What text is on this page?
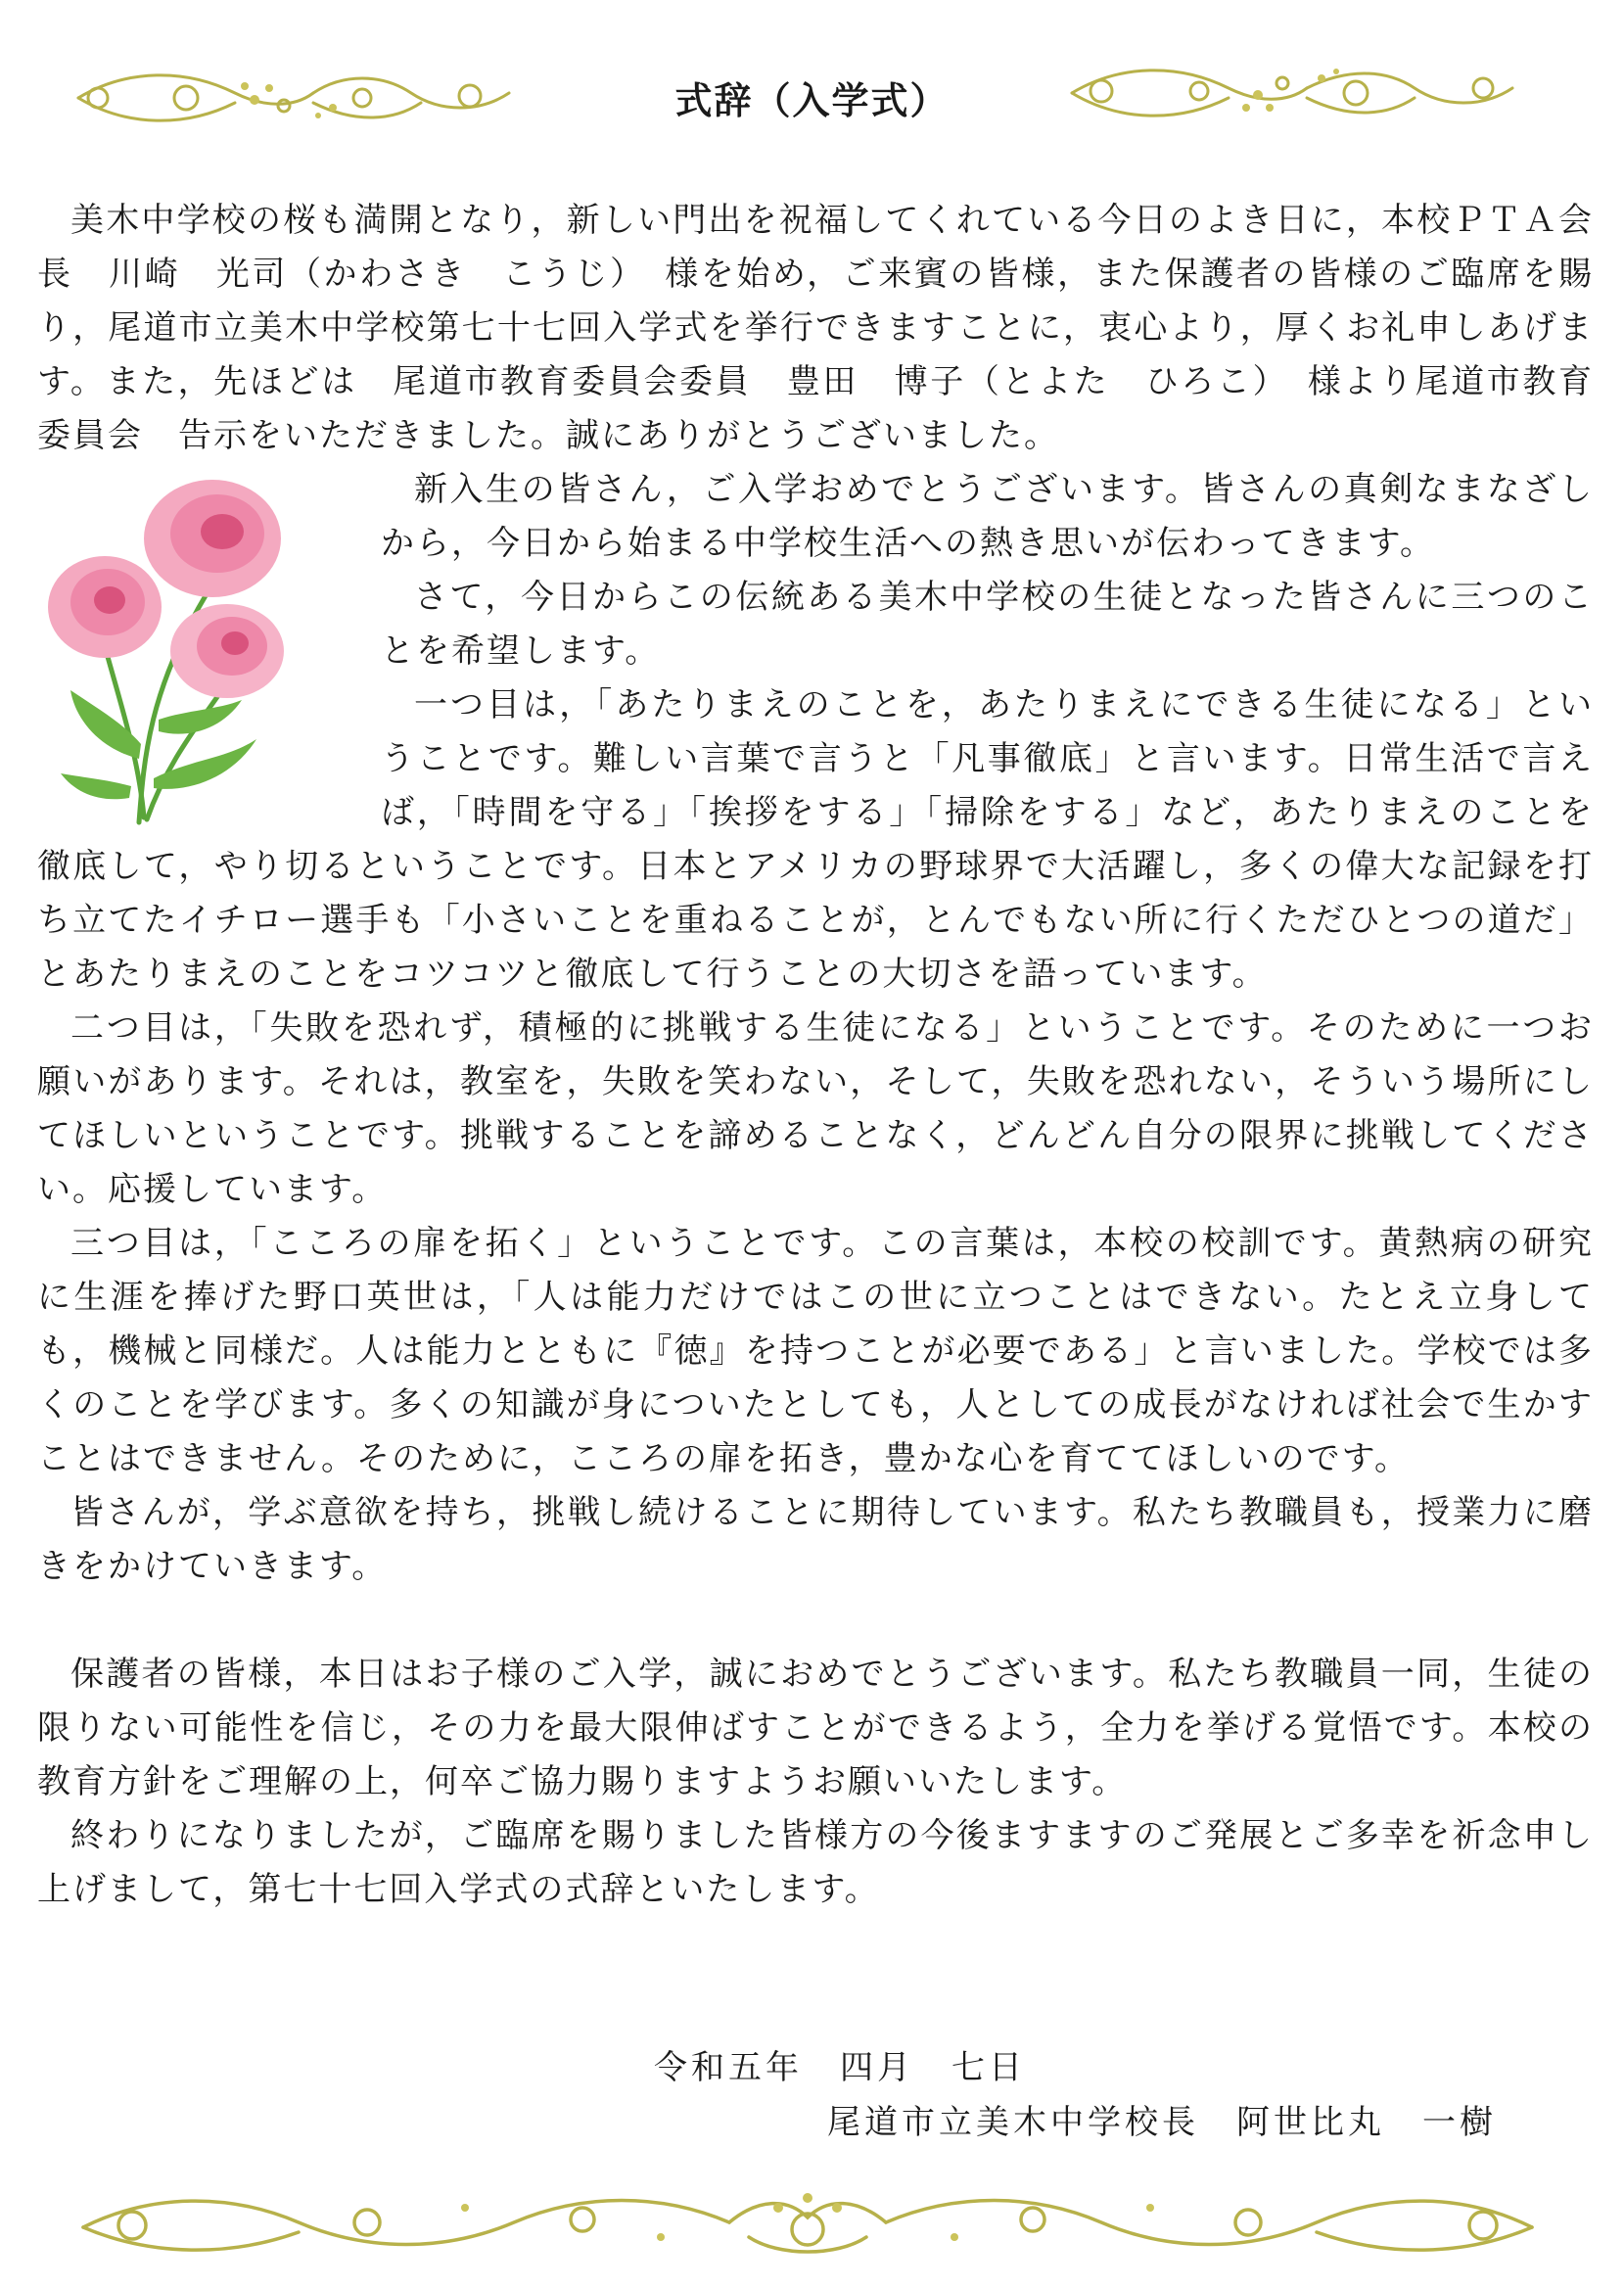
式辞（入学式）

美木中学校の桜も満開となり，新しい門出を祝福してくれている今日のよき日に，本校ＰＴＡ会長　川崎　光司（かわさき　こうじ）　様を始め，ご来賓の皆様，また保護者の皆様のご臨席を賜り，尾道市立美木中学校第七十七回入学式を挙行できますことに，衷心より，厚くお礼申しあげます。また，先ほどは　尾道市教育委員会委員　豊田　博子（とよた　ひろこ）　様より尾道市教育委員会　告示をいただきました。誠にありがとうございました。

新入生の皆さん，ご入学おめでとうございます。皆さんの真剣なまなざしから，今日から始まる中学校生活への熱き思いが伝わってきます。

さて，今日からこの伝統ある美木中学校の生徒となった皆さんに三つのことを希望します。

一つ目は，「あたりまえのことを，あたりまえにできる生徒になる」ということです。難しい言葉で言うと「凡事徹底」と言います。日常生活で言えば，「時間を守る」「挨拶をする」「掃除をする」など，あたりまえのことを徹底して，やり切るということです。日本とアメリカの野球界で大活躍し，多くの偉大な記録を打ち立てたイチロー選手も「小さいことを重ねることが，とんでもない所に行くただひとつの道だ」とあたりまえのことをコツコツと徹底して行うことの大切さを語っています。

二つ目は，「失敗を恐れず，積極的に挑戦する生徒になる」ということです。そのために一つお願いがあります。それは，教室を，失敗を笑わない，そして，失敗を恐れない，そういう場所にしてほしいということです。挑戦することを諦めることなく，どんどん自分の限界に挑戦してください。応援しています。

三つ目は，「こころの扉を拓く」ということです。この言葉は，本校の校訓です。黄熱病の研究に生涯を捧げた野口英世は，「人は能力だけではこの世に立つことはできない。たとえ立身しても，機械と同様だ。人は能力とともに『徳』を持つことが必要である」と言いました。学校では多くのことを学びます。多くの知識が身についたとしても，人としての成長がなければ社会で生かすことはできません。そのために，こころの扉を拓き，豊かな心を育ててほしいのです。

皆さんが，学ぶ意欲を持ち，挑戦し続けることに期待しています。私たち教職員も，授業力に磨きをかけていきます。

保護者の皆様，本日はお子様のご入学，誠におめでとうございます。私たち教職員一同，生徒の限りない可能性を信じ，その力を最大限伸ばすことができるよう，全力を挙げる覚悟です。本校の教育方針をご理解の上，何卒ご協力賜りますようお願いいたします。

終わりになりましたが，ご臨席を賜りました皆様方の今後ますますのご発展とご多幸を祈念申し上げまして，第七十七回入学式の式辞といたします。

令和五年　四月　七日
尾道市立美木中学校長　阿世比丸　一樹
